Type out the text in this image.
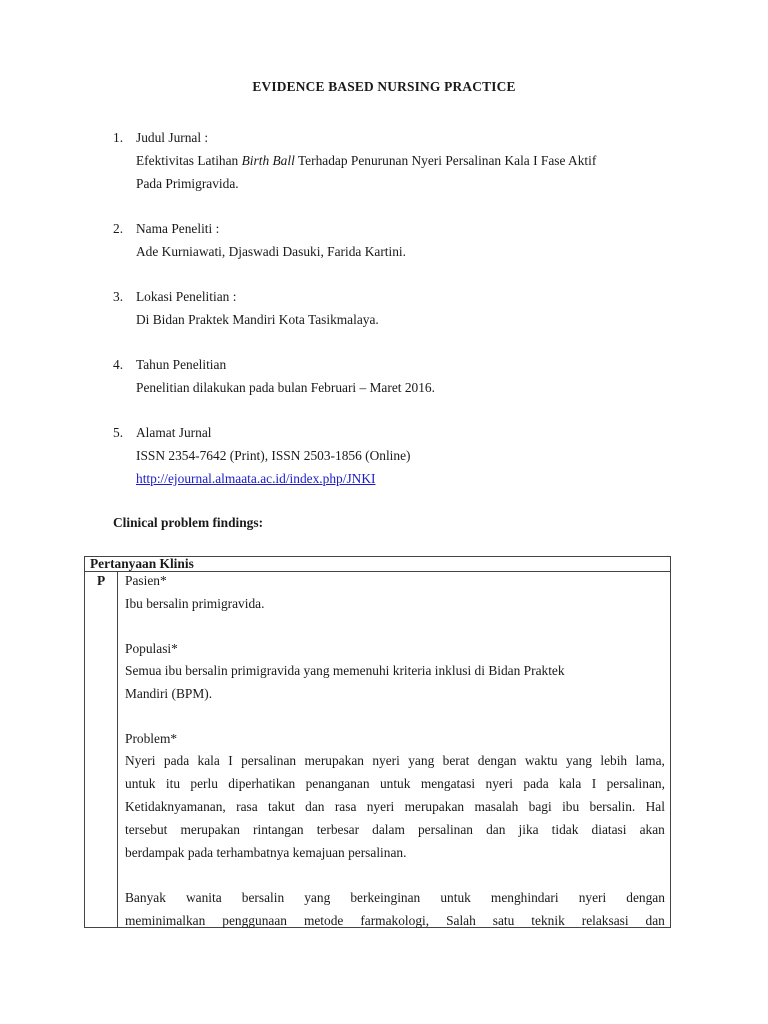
EVIDENCE BASED NURSING PRACTICE
1. Judul Jurnal :
Efektivitas Latihan Birth Ball Terhadap Penurunan Nyeri Persalinan Kala I Fase Aktif
Pada Primigravida.
2. Nama Peneliti :
Ade Kurniawati, Djaswadi Dasuki, Farida Kartini.
3. Lokasi Penelitian :
Di Bidan Praktek Mandiri Kota Tasikmalaya.
4. Tahun Penelitian
Penelitian dilakukan pada bulan Februari – Maret 2016.
5. Alamat Jurnal
ISSN 2354-7642 (Print), ISSN 2503-1856 (Online)
http://ejournal.almaata.ac.id/index.php/JNKI
Clinical problem findings:
Pertanyaan Klinis
P Pasien*
Ibu bersalin primigravida.
Populasi*
Semua ibu bersalin primigravida yang memenuhi kriteria inklusi di Bidan Praktek
Mandiri (BPM).
Problem*
Nyeri pada kala I persalinan merupakan nyeri yang berat dengan waktu yang lebih lama,
untuk itu perlu diperhatikan penanganan untuk mengatasi nyeri pada kala I persalinan,
Ketidaknyamanan, rasa takut dan rasa nyeri merupakan masalah bagi ibu bersalin. Hal
tersebut merupakan rintangan terbesar dalam persalinan dan jika tidak diatasi akan
berdampak pada terhambatnya kemajuan persalinan.
Banyak wanita bersalin yang berkeinginan untuk menghindari nyeri dengan
meminimalkan penggunaan metode farmakologi, Salah satu teknik relaksasi dan
